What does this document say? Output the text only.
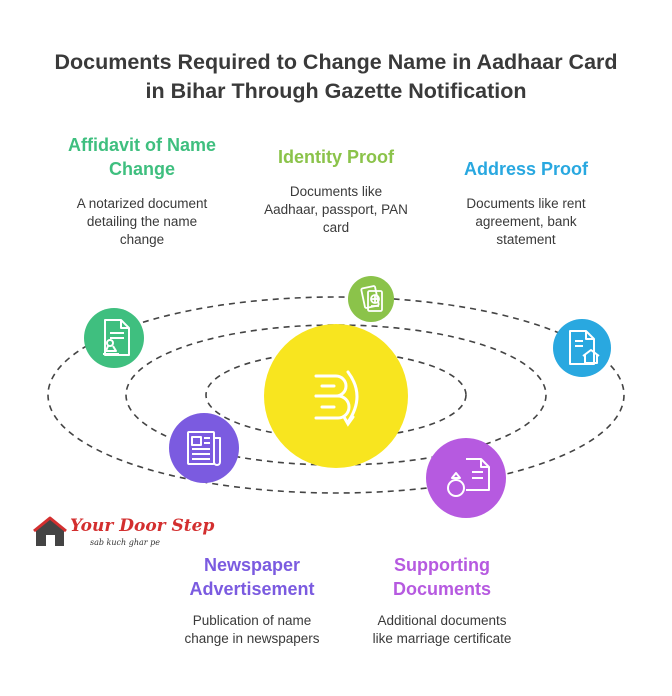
Documents Required to Change Name in Aadhaar Card
in Bihar Through Gazette Notification
Affidavit of Name
Change
A notarized document
detailing the name
change
Identity Proof
Documents like
Aadhaar, passport, PAN
card
Address Proof
Documents like rent
agreement, bank
statement
Newspaper
Advertisement
Publication of name
change in newspapers
Supporting
Documents
Additional documents
like marriage certificate
Your Door Step
sab kuch ghar pe
